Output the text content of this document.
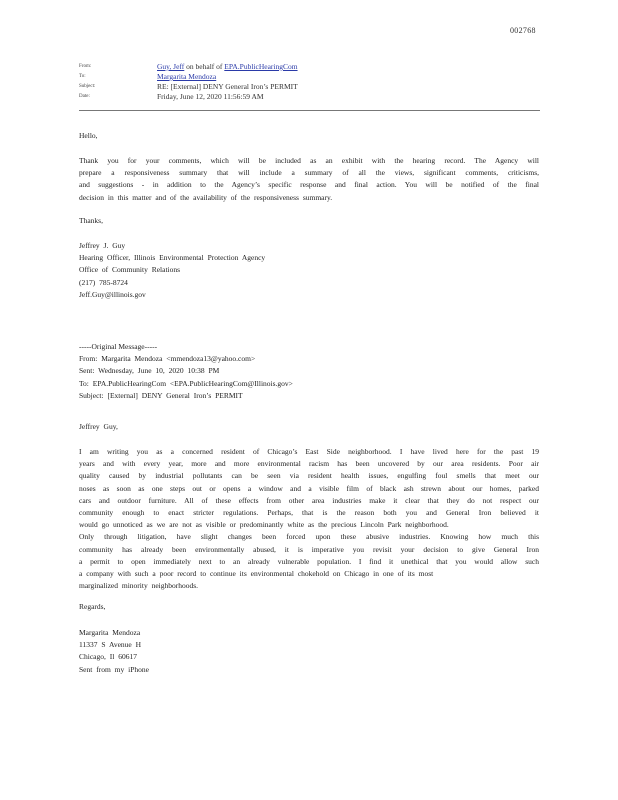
002768
From:	Guy, Jeff on behalf of EPA.PublicHearingCom
To:	Margarita Mendoza
Subject:	RE: [External] DENY General Iron’s PERMIT
Date:	Friday, June 12, 2020 11:56:59 AM
Hello,
Thank you for your comments, which will be included as an exhibit with the hearing record. The Agency will
prepare a responsiveness summary that will include a summary of all the views, significant comments, criticisms,
and suggestions - in addition to the Agency’s specific response and final action. You will be notified of the final
decision in this matter and of the availability of the responsiveness summary.
Thanks,
Jeffrey J. Guy
Hearing Officer, Illinois Environmental Protection Agency
Office of Community Relations
(217) 785-8724
Jeff.Guy@illinois.gov
-----Original Message-----
From: Margarita Mendoza <mmendoza13@yahoo.com>
Sent: Wednesday, June 10, 2020 10:38 PM
To: EPA.PublicHearingCom <EPA.PublicHearingCom@Illinois.gov>
Subject: [External] DENY General Iron’s PERMIT
Jeffrey Guy,
I am writing you as a concerned resident of Chicago’s East Side neighborhood. I have lived here for the past 19
years and with every year, more and more environmental racism has been uncovered by our area residents. Poor air
quality caused by industrial pollutants can be seen via resident health issues, engulfing foul smells that meet our
noses as soon as one steps out or opens a window and a visible film of black ash strewn about our homes, parked
cars and outdoor furniture. All of these effects from other area industries make it clear that they do not respect our
community enough to enact stricter regulations. Perhaps, that is the reason both you and General Iron believed it
would go unnoticed as we are not as visible or predominantly white as the precious Lincoln Park neighborhood.
Only through litigation, have slight changes been forced upon these abusive industries. Knowing how much this
community has already been environmentally abused, it is imperative you revisit your decision to give General Iron
a permit to open immediately next to an already vulnerable population. I find it unethical that you would allow such
a company with such a poor record to continue its environmental chokehold on Chicago in one of its most
marginalized minority neighborhoods.
Regards,
Margarita Mendoza
11337 S Avenue H
Chicago, Il 60617
Sent from my iPhone
